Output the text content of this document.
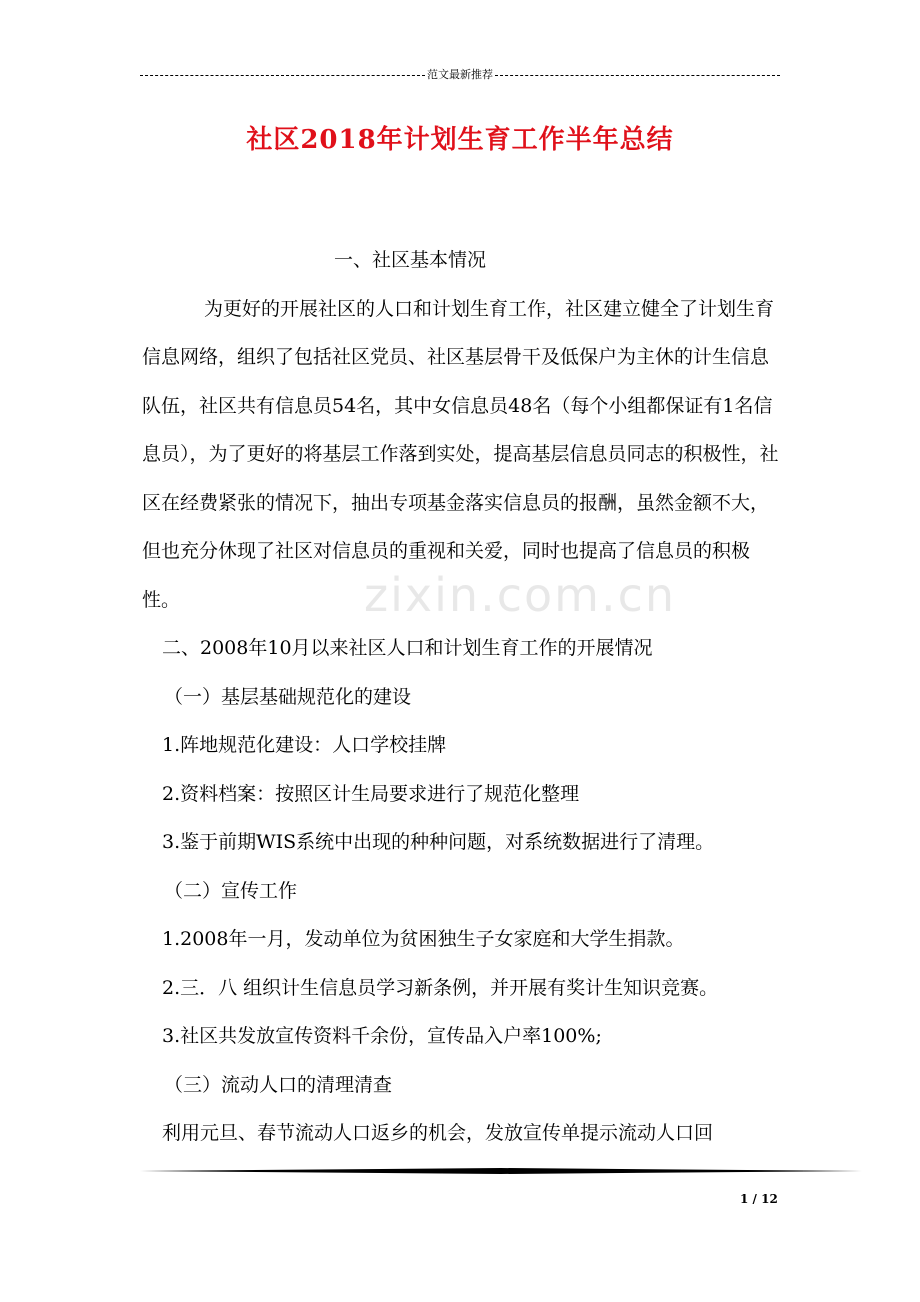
范文最新推荐
社区2018年计划生育工作半年总结
zixin.com.cn

一、社区基本情况

为更好的开展社区的人口和计划生育工作，社区建立健全了计划生育信息网络，组织了包括社区党员、社区基层骨干及低保户为主休的计生信息队伍，社区共有信息员54名，其中女信息员48名（每个小组都保证有1名信息员），为了更好的将基层工作落到实处，提高基层信息员同志的积极性，社区在经费紧张的情况下，抽出专项基金落实信息员的报酬，虽然金额不大，但也充分休现了社区对信息员的重视和关爱，同时也提高了信息员的积极性。

二、2008年10月以来社区人口和计划生育工作的开展情况

（一）基层基础规范化的建设

1.阵地规范化建设：人口学校挂牌

2.资料档案：按照区计生局要求进行了规范化整理

3.鉴于前期WIS系统中出现的种种问题，对系统数据进行了清理。

（二）宣传工作

1.2008年一月，发动单位为贫困独生子女家庭和大学生捐款。

2.三．八 组织计生信息员学习新条例，并开展有奖计生知识竞赛。

3.社区共发放宣传资料千余份，宣传品入户率100%;

（三）流动人口的清理清查

利用元旦、春节流动人口返乡的机会，发放宣传单提示流动人口回

1 / 12
